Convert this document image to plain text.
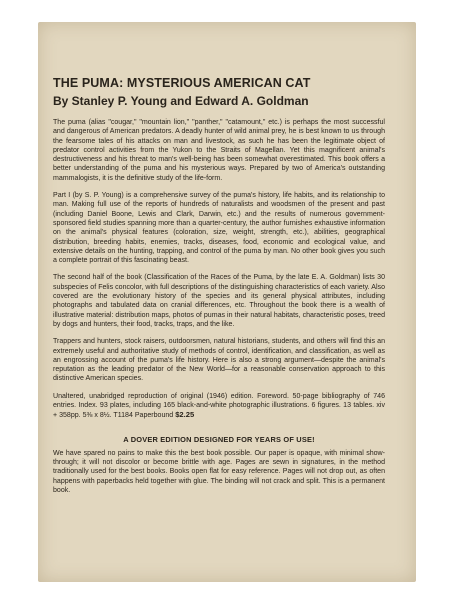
THE PUMA: MYSTERIOUS AMERICAN CAT
By Stanley P. Young and Edward A. Goldman

The puma (alias "cougar," "mountain lion," "panther," "catamount," etc.) is perhaps the most successful and dangerous of American predators. A deadly hunter of wild animal prey, he is best known to us through the fearsome tales of his attacks on man and livestock, as such he has been the legitimate object of predator control activities from the Yukon to the Straits of Magellan. Yet this magnificent animal's destructiveness and his threat to man's well-being has been somewhat overestimated. This book offers a better understanding of the puma and his mysterious ways. Prepared by two of America's outstanding mammalogists, it is the definitive study of the life-form.

Part I (by S. P. Young) is a comprehensive survey of the puma's history, life habits, and its relationship to man. Making full use of the reports of hundreds of naturalists and woodsmen of the present and past (including Daniel Boone, Lewis and Clark, Darwin, etc.) and the results of numerous government-sponsored field studies spanning more than a quarter-century, the author furnishes exhaustive information on the animal's physical features (coloration, size, weight, strength, etc.), abilities, geographical distribution, breeding habits, enemies, tracks, diseases, food, economic and ecological value, and extensive details on the hunting, trapping, and control of the puma by man. No other book gives you such a complete portrait of this fascinating beast.

The second half of the book (Classification of the Races of the Puma, by the late E. A. Goldman) lists 30 subspecies of Felis concolor, with full descriptions of the distinguishing characteristics of each variety. Also covered are the evolutionary history of the species and its general physical attributes, including photographs and tabulated data on cranial differences, etc. Throughout the book there is a wealth of illustrative material: distribution maps, photos of pumas in their natural habitats, characteristic poses, treed by dogs and hunters, their food, tracks, traps, and the like.

Trappers and hunters, stock raisers, outdoorsmen, natural historians, students, and others will find this an extremely useful and authoritative study of methods of control, identification, and classification, as well as an engrossing account of the puma's life history. Here is also a strong argument—despite the animal's reputation as the leading predator of the New World—for a reasonable conservation approach to this distinctive American species.

Unaltered, unabridged reproduction of original (1946) edition. Foreword. 50-page bibliography of 746 entries. Index. 93 plates, including 165 black-and-white photographic illustrations. 6 figures. 13 tables. xiv + 358pp. 5⅜ x 8½. T1184 Paperbound $2.25

A DOVER EDITION DESIGNED FOR YEARS OF USE!

We have spared no pains to make this the best book possible. Our paper is opaque, with minimal show-through; it will not discolor or become brittle with age. Pages are sewn in signatures, in the method traditionally used for the best books. Books open flat for easy reference. Pages will not drop out, as often happens with paperbacks held together with glue. The binding will not crack and split. This is a permanent book.
